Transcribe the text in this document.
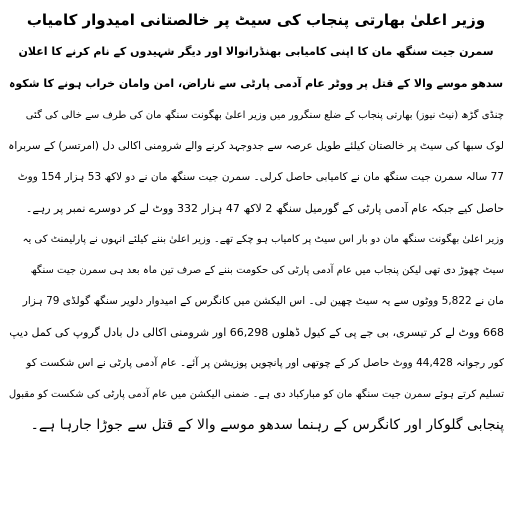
وزیر اعلیٰ بھارتی پنجاب کی سیٹ پر خالصتانی امیدوار کامیاب

سمرن جیت سنگھ مان کا اپنی کامیابی بھنڈرانوالا اور دیگر شہیدوں کے نام کرنے کا اعلان

سدھو موسے والا کے قتل پر ووٹر عام آدمی پارٹی سے ناراض، امن وامان خراب ہونے کا شکوہ

چنڈی گڑھ (نیٹ نیوز) بھارتی پنجاب کے ضلع سنگرور میں وزیر اعلیٰ بھگونت سنگھ مان کی طرف سے خالی کی گئی
لوک سبھا کی سیٹ پر خالصتان کیلئے طویل عرصہ سے جدوجہد کرنے والے شرومنی اکالی دل (امرتسر) کے سربراہ
77 سالہ سمرن جیت سنگھ مان نے کامیابی حاصل کرلی۔ سمرن جیت سنگھ مان نے دو لاکھ 53 ہزار 154 ووٹ
حاصل کیے جبکہ عام آدمی پارٹی کے گورمیل سنگھ 2 لاکھ 47 ہزار 332 ووٹ لے کر دوسرے نمبر پر رہے۔
وزیر اعلیٰ بھگونت سنگھ مان دو بار اس سیٹ پر کامیاب ہو چکے تھے۔ وزیر اعلیٰ بننے کیلئے انہوں نے پارلیمنٹ کی یہ
سیٹ چھوڑ دی تھی لیکن پنجاب میں عام آدمی پارٹی کی حکومت بننے کے صرف تین ماہ بعد ہی سمرن جیت سنگھ
مان نے 5,822 ووٹوں سے یہ سیٹ چھین لی۔ اس الیکشن میں کانگرس کے امیدوار دلویر سنگھ گولڈی 79 ہزار
668 ووٹ لے کر تیسری، بی جے پی کے کیول ڈھلوں 66,298 اور شرومنی اکالی دل بادل گروپ کی کمل دیپ
کور رجوانہ 44,428 ووٹ حاصل کر کے چوتھی اور پانچویں پوزیشن پر آئے۔ عام آدمی پارٹی نے اس شکست کو
تسلیم کرتے ہوئے سمرن جیت سنگھ مان کو مبارکباد دی ہے۔ ضمنی الیکشن میں عام آدمی پارٹی کی شکست کو مقبول
پنجابی گلوکار اور کانگرس کے رہنما سدھو موسے والا کے قتل سے جوڑا جارہا ہے۔
